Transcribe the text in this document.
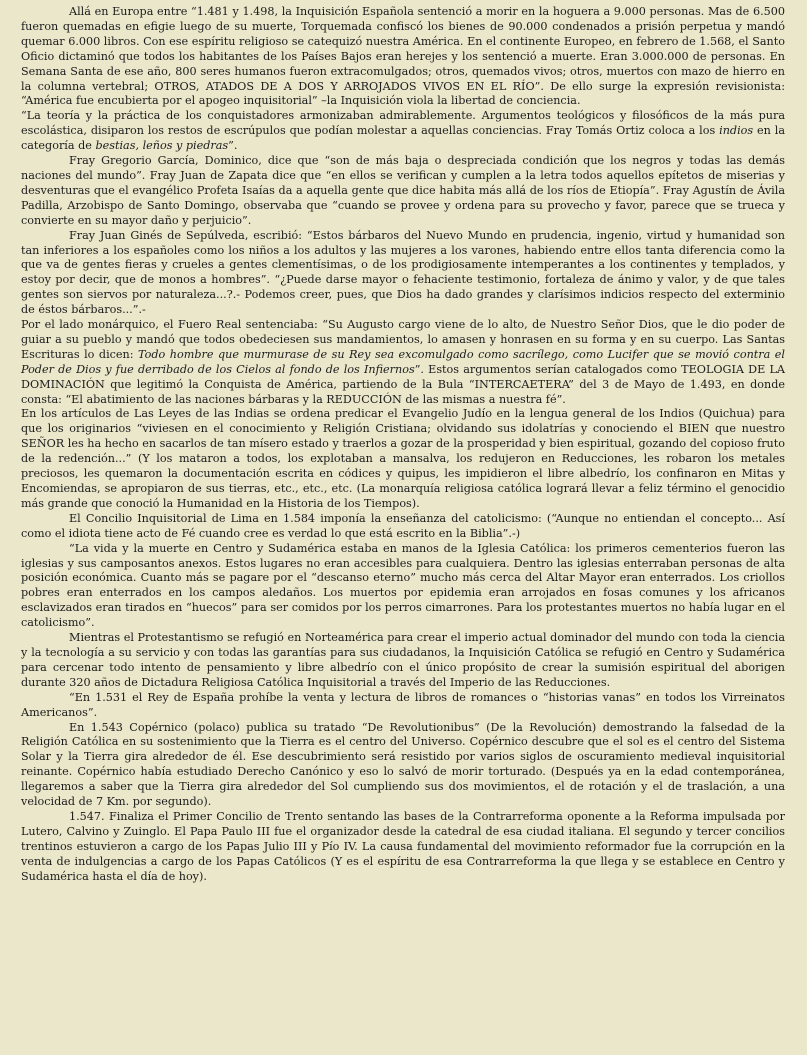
Allá en Europa entre “1.481 y 1.498, la Inquisición Española sentenció a morir en la hoguera a 9.000 personas. Mas de 6.500 fueron quemadas en efigie luego de su muerte, Torquemada confiscó los bienes de 90.000 condenados a prisión perpetua y mandó quemar 6.000 libros. Con ese espíritu religioso se catequizó nuestra América. En el continente Europeo, en febrero de 1.568, el Santo Oficio dictaminó que todos los habitantes de los Países Bajos eran herejes y los sentenció a muerte. Eran 3.000.000 de personas. En Semana Santa de ese año, 800 seres humanos fueron extracomulgados; otros, quemados vivos; otros, muertos con mazo de hierro en la columna vertebral; OTROS, ATADOS DE A DOS Y ARROJADOS VIVOS EN EL RÍO”. De ello surge la expresión revisionista: “América fue encubierta por el apogeo inquisitorial” –la Inquisición viola la libertad de conciencia.

“La teoría y la práctica de los conquistadores armonizaban admirablemente. Argumentos teológicos y filosóficos de la más pura escolástica, disiparon los restos de escrúpulos que podían molestar a aquellas conciencias. Fray Tomás Ortiz coloca a los indios en la categoría de bestias, leños y piedras”.

Fray Gregorio García, Dominico, dice que “son de más baja o despreciada condición que los negros y todas las demás naciones del mundo”. Fray Juan de Zapata dice que “en ellos se verifican y cumplen a la letra todos aquellos epítetos de miserias y desventuras que el evangélico Profeta Isaías da a aquella gente que dice habita más allá de los ríos de Etiopía”. Fray Agustín de Ávila Padilla, Arzobispo de Santo Domingo, observaba que “cuando se provee y ordena para su provecho y favor, parece que se trueca y convierte en su mayor daño y perjuicio”.

Fray Juan Ginés de Sepúlveda, escribió: “Estos bárbaros del Nuevo Mundo en prudencia, ingenio, virtud y humanidad son tan inferiores a los españoles como los niños a los adultos y las mujeres a los varones, habiendo entre ellos tanta diferencia como la que va de gentes fieras y crueles a gentes clementísimas, o de los prodigiosamente intemperantes a los continentes y templados, y estoy por decir, que de monos a hombres”. “¿Puede darse mayor o fehaciente testimonio, fortaleza de ánimo y valor, y de que tales gentes son siervos por naturaleza...?.- Podemos creer, pues, que Dios ha dado grandes y clarísimos indicios respecto del exterminio de éstos bárbaros...”.-

Por el lado monárquico, el Fuero Real sentenciaba: “Su Augusto cargo viene de lo alto, de Nuestro Señor Dios, que le dio poder de guiar a su pueblo y mandó que todos obedeciesen sus mandamientos, lo amasen y honrasen en su forma y en su cuerpo. Las Santas Escrituras lo dicen: Todo hombre que murmurase de su Rey sea excomulgado como sacrílego, como Lucifer que se movió contra el Poder de Dios y fue derribado de los Cielos al fondo de los Infiernos”. Estos argumentos serían catalogados como TEOLOGIA DE LA DOMINACIÓN que legitimó la Conquista de América, partiendo de la Bula “INTERCAETERA” del 3 de Mayo de 1.493, en donde consta: “El abatimiento de las naciones bárbaras y la REDUCCIÓN de las mismas a nuestra fé”.

En los artículos de Las Leyes de las Indias se ordena predicar el Evangelio Judío en la lengua general de los Indios (Quichua) para que los originarios “viviesen en el conocimiento y Religión Cristiana; olvidando sus idolatrías y conociendo el BIEN que nuestro SEÑOR les ha hecho en sacarlos de tan mísero estado y traerlos a gozar de la prosperidad y bien espiritual, gozando del copioso fruto de la redención...” (Y los mataron a todos, los explotaban a mansalva, los redujeron en Reducciones, les robaron los metales preciosos, les quemaron la documentación escrita en códices y quipus, les impidieron el libre albedrío, los confinaron en Mitas y Encomiendas, se apropiaron de sus tierras, etc., etc., etc. (La monarquía religiosa católica logrará llevar a feliz término el genocidio más grande que conoció la Humanidad en la Historia de los Tiempos).

El Concilio Inquisitorial de Lima en 1.584 imponía la enseñanza del catolicismo: (“Aunque no entiendan el concepto... Así como el idiota tiene acto de Fé cuando cree es verdad lo que está escrito en la Biblia”.-)

“La vida y la muerte en Centro y Sudamérica estaba en manos de la Iglesia Católica: los primeros cementerios fueron las iglesias y sus camposantos anexos. Estos lugares no eran accesibles para cualquiera. Dentro las iglesias enterraban personas de alta posición económica. Cuanto más se pagare por el “descanso eterno” mucho más cerca del Altar Mayor eran enterrados. Los criollos pobres eran enterrados en los campos aledaños. Los muertos por epidemia eran arrojados en fosas comunes y los africanos esclavizados eran tirados en “huecos” para ser comidos por los perros cimarrones. Para los protestantes muertos no había lugar en el catolicismo”.

Mientras el Protestantismo se refugió en Norteamérica para crear el imperio actual dominador del mundo con toda la ciencia y la tecnología a su servicio y con todas las garantías para sus ciudadanos, la Inquisición Católica se refugió en Centro y Sudamérica para cercenar todo intento de pensamiento y libre albedrío con el único propósito de crear la sumisión espiritual del aborigen durante 320 años de Dictadura Religiosa Católica Inquisitorial a través del Imperio de las Reducciones.

“En 1.531 el Rey de España prohíbe la venta y lectura de libros de romances o “historias vanas” en todos los Virreinatos Americanos”.

En 1.543 Copérnico (polaco) publica su tratado “De Revolutionibus” (De la Revolución) demostrando la falsedad de la Religión Católica en su sostenimiento que la Tierra es el centro del Universo. Copérnico descubre que el sol es el centro del Sistema Solar y la Tierra gira alrededor de él. Ese descubrimiento será resistido por varios siglos de oscuramiento medieval inquisitorial reinante. Copérnico había estudiado Derecho Canónico y eso lo salvó de morir torturado. (Después ya en la edad contemporánea, llegaremos a saber que la Tierra gira alrededor del Sol cumpliendo sus dos movimientos, el de rotación y el de traslación, a una velocidad de 7 Km. por segundo).

1.547. Finaliza el Primer Concilio de Trento sentando las bases de la Contrarreforma oponente a la Reforma impulsada por Lutero, Calvino y Zuinglo. El Papa Paulo III fue el organizador desde la catedral de esa ciudad italiana. El segundo y tercer concilios trentinos estuvieron a cargo de los Papas Julio III y Pío IV. La causa fundamental del movimiento reformador fue la corrupción en la venta de indulgencias a cargo de los Papas Católicos (Y es el espíritu de esa Contrarreforma la que llega y se establece en Centro y Sudamérica hasta el día de hoy).
